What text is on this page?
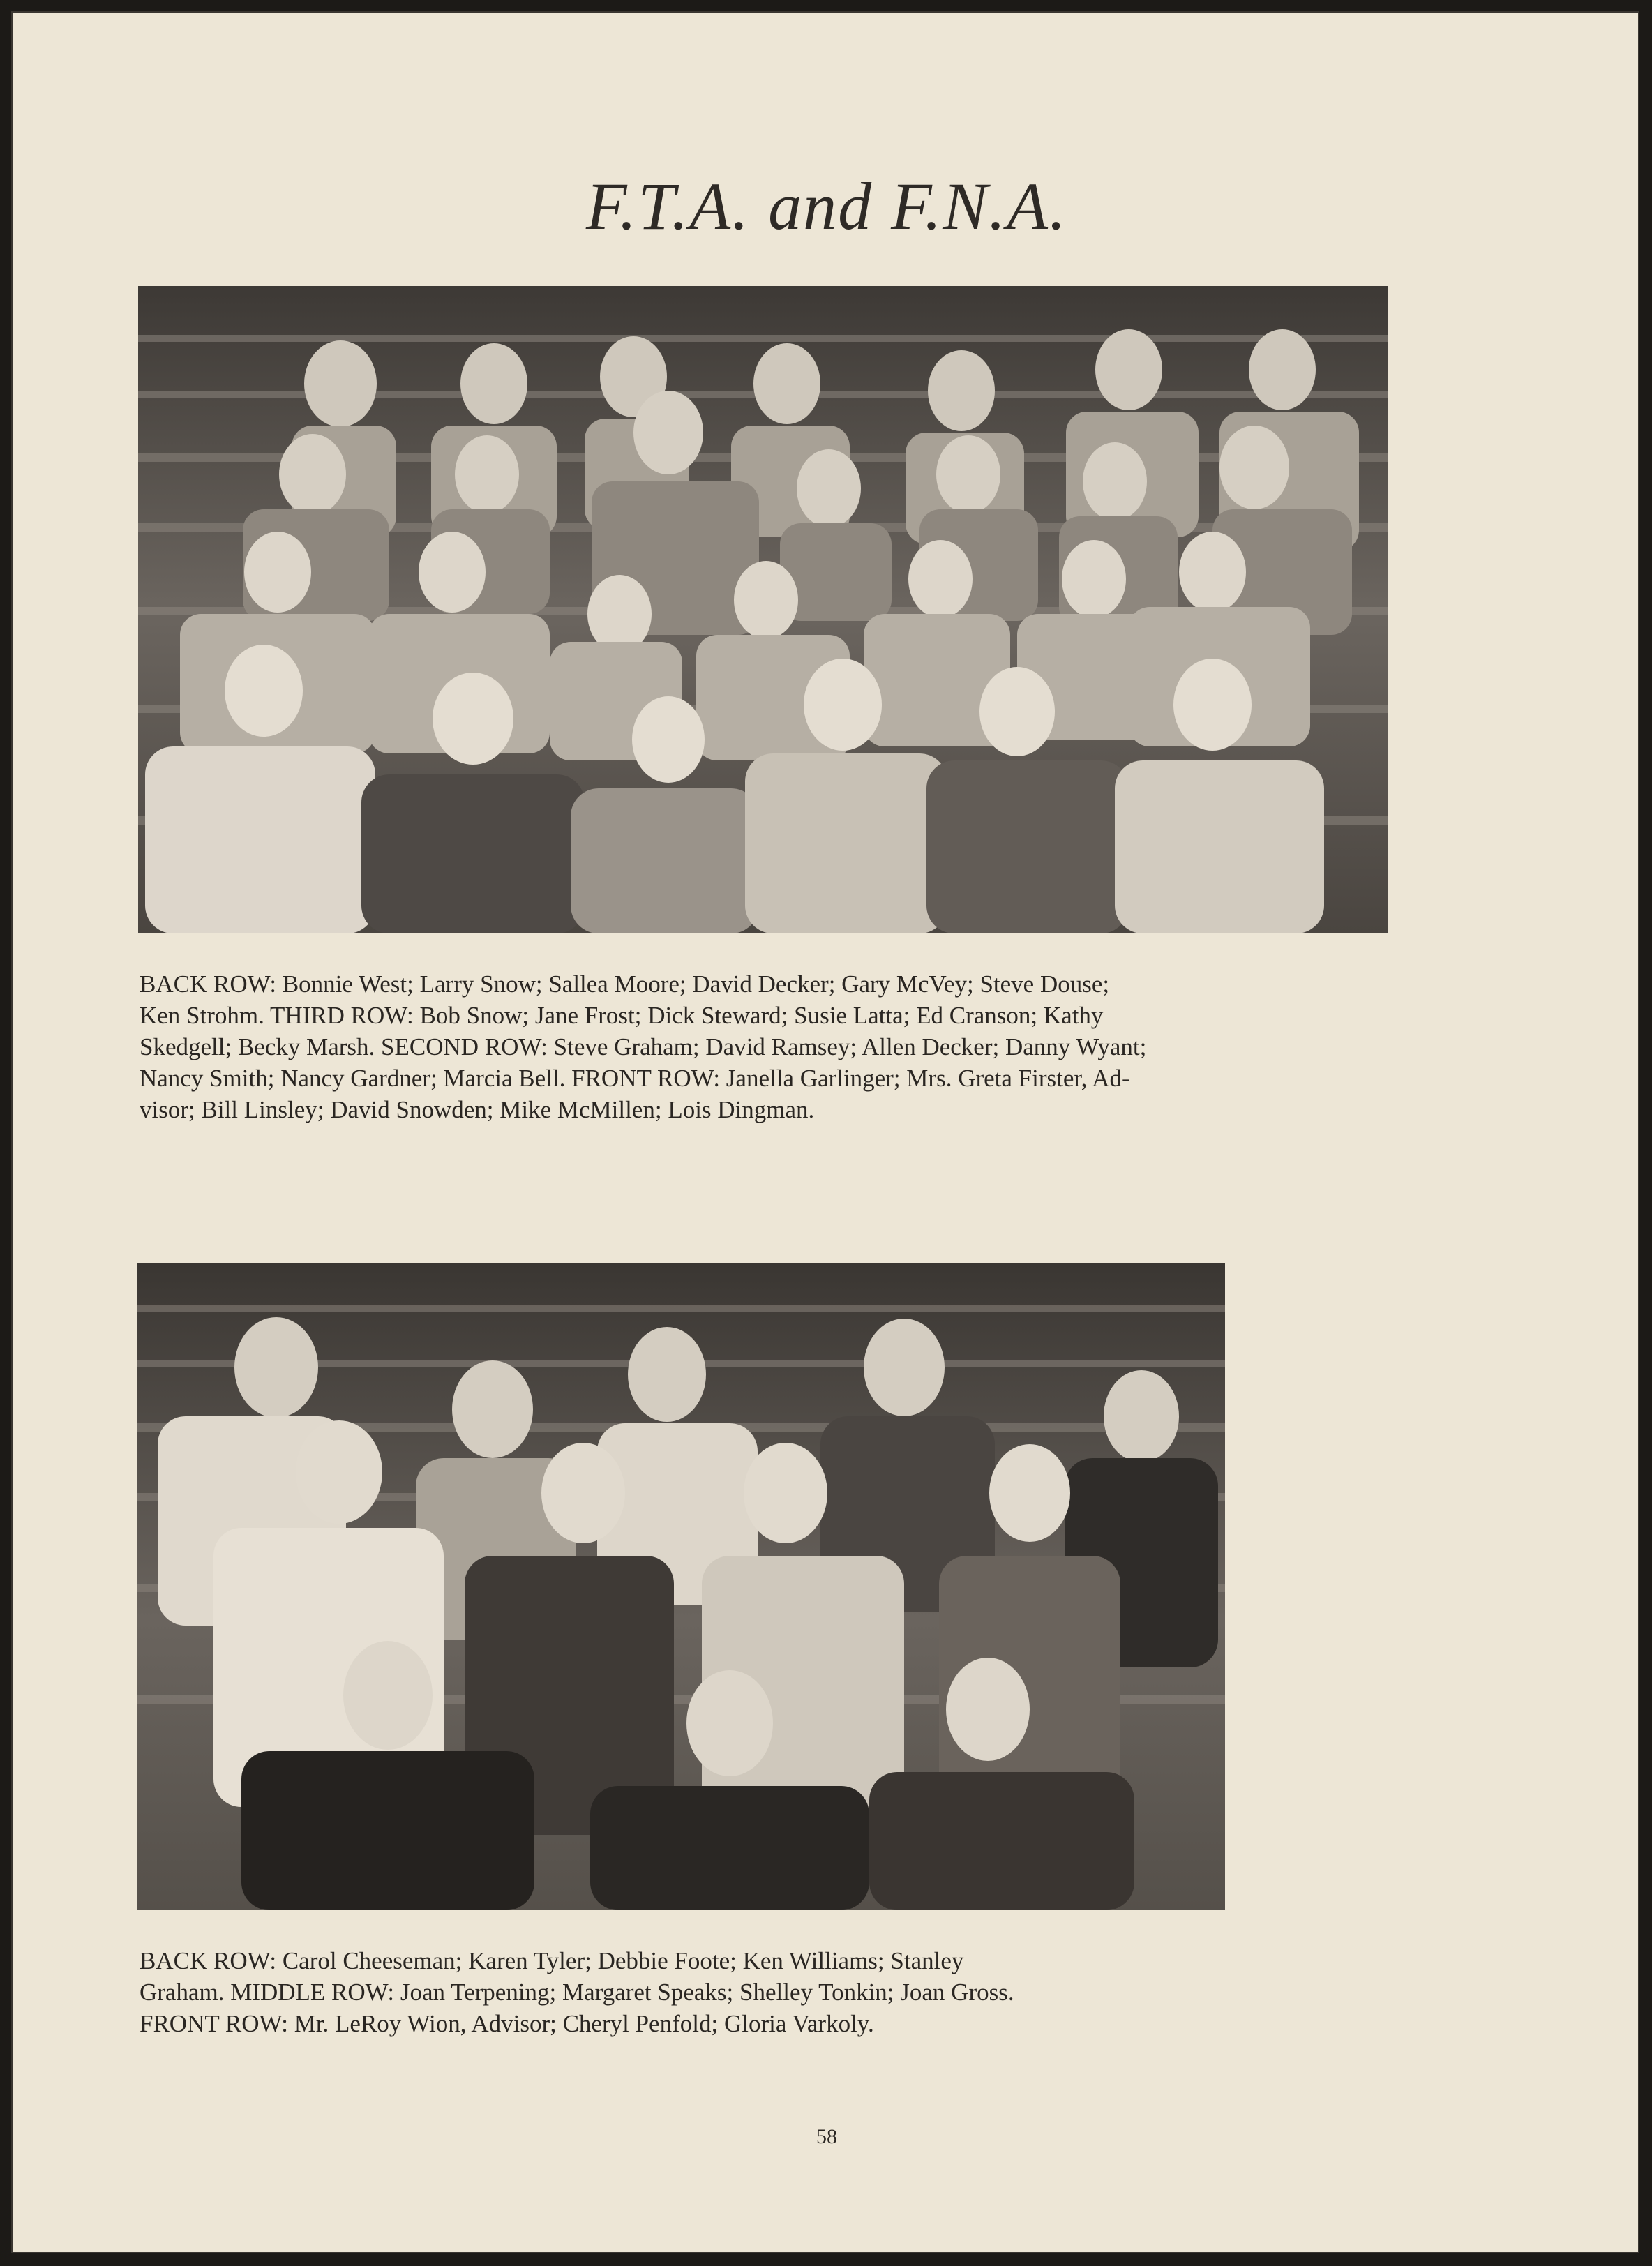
F.T.A. and F.N.A.

BACK ROW: Bonnie West; Larry Snow; Sallea Moore; David Decker; Gary McVey; Steve Douse;
Ken Strohm. THIRD ROW: Bob Snow; Jane Frost; Dick Steward; Susie Latta; Ed Cranson; Kathy
Skedgell; Becky Marsh. SECOND ROW: Steve Graham; David Ramsey; Allen Decker; Danny Wyant;
Nancy Smith; Nancy Gardner; Marcia Bell. FRONT ROW: Janella Garlinger; Mrs. Greta Firster, Ad-
visor; Bill Linsley; David Snowden; Mike McMillen; Lois Dingman.

BACK ROW: Carol Cheeseman; Karen Tyler; Debbie Foote; Ken Williams; Stanley
Graham. MIDDLE ROW: Joan Terpening; Margaret Speaks; Shelley Tonkin; Joan Gross.
FRONT ROW: Mr. LeRoy Wion, Advisor; Cheryl Penfold; Gloria Varkoly.

58
